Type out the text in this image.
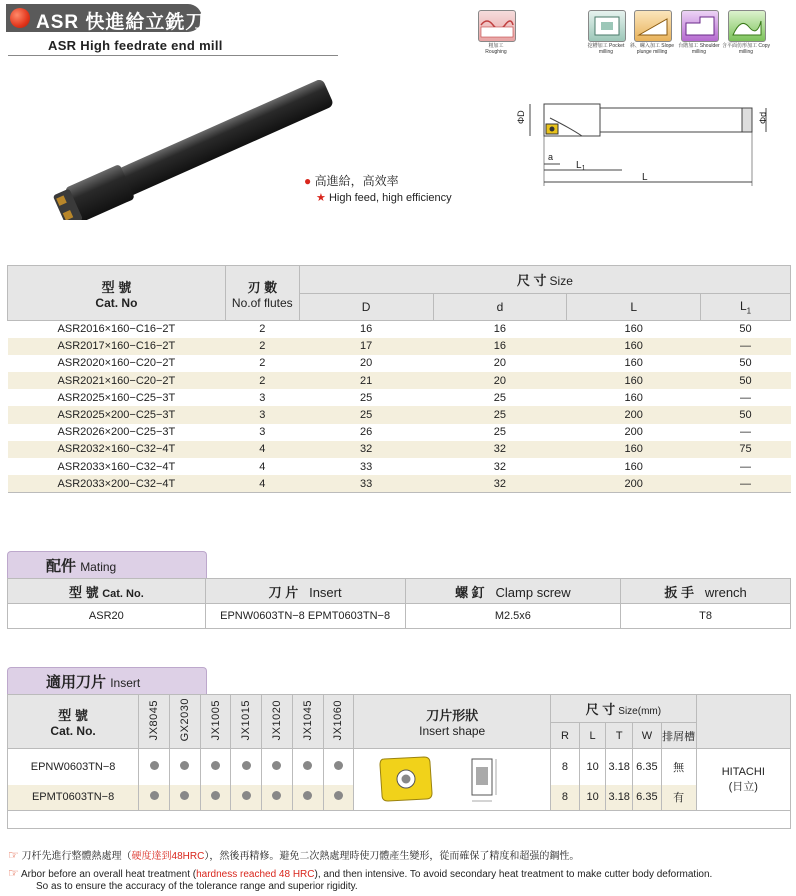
ASR 快進給立銑刀
ASR High feedrate end mill	粗加工
Roughing
挖槽加工 Pocket milling
斜、螺入加工 Slope plunge milling
台階加工 Shoulder milling
含平面仿形加工 Copy milling
● 高進給，高效率
★ High feed, high efficiency
ΦD	Φd
a
$L_1$
L
型 號
Cat. No	刃 數
No.of flutes	尺 寸 Size			
		D	d	L	$L_1$
ASR2016×160−C16−2T	2	16	16	160	50
ASR2017×160−C16−2T	2	17	16	160	—
ASR2020×160−C20−2T	2	20	20	160	50
ASR2021×160−C20−2T	2	21	20	160	50
ASR2025×160−C25−3T	3	25	25	160	—
ASR2025×200−C25−3T	3	25	25	200	50
ASR2026×200−C25−3T	3	26	25	200	—
ASR2032×160−C32−4T	4	32	32	160	75
ASR2033×160−C32−4T	4	33	32	160	—
ASR2033×200−C32−4T	4	33	32	200	—
配件 Mating
型 號 Cat. No.	刀 片 Insert	螺 釘 Clamp screw	扳 手 wrench
ASR20	EPNW0603TN−8 EPMT0603TN−8	M2.5x6	T8
適用刀片 Insert
型 號
Cat. No.	JX8045	GX2030	JX1005	JX1015	JX1020	JX1045	JX1060	刀片形狀
Insert shape	尺 寸 Size(mm)					
									R	L	T	W	排屑槽	
EPNW0603TN−8									8	10	3.18	6.35	無	HITACHI
(日立)
EPMT0603TN−8									8	10	3.18	6.35	有	

☞ 刀杆先進行整體熱處理（硬度達到48HRC），然後再精修。避免二次熱處理時使刀體產生變形，從而確保了精度和超强的鋼性。
☞ Arbor before an overall heat treatment (hardness reached 48 HRC), and then intensive. To avoid secondary heat treatment to make cutter body deformation.
So as to ensure the accuracy of the tolerance range and superior rigidity.
